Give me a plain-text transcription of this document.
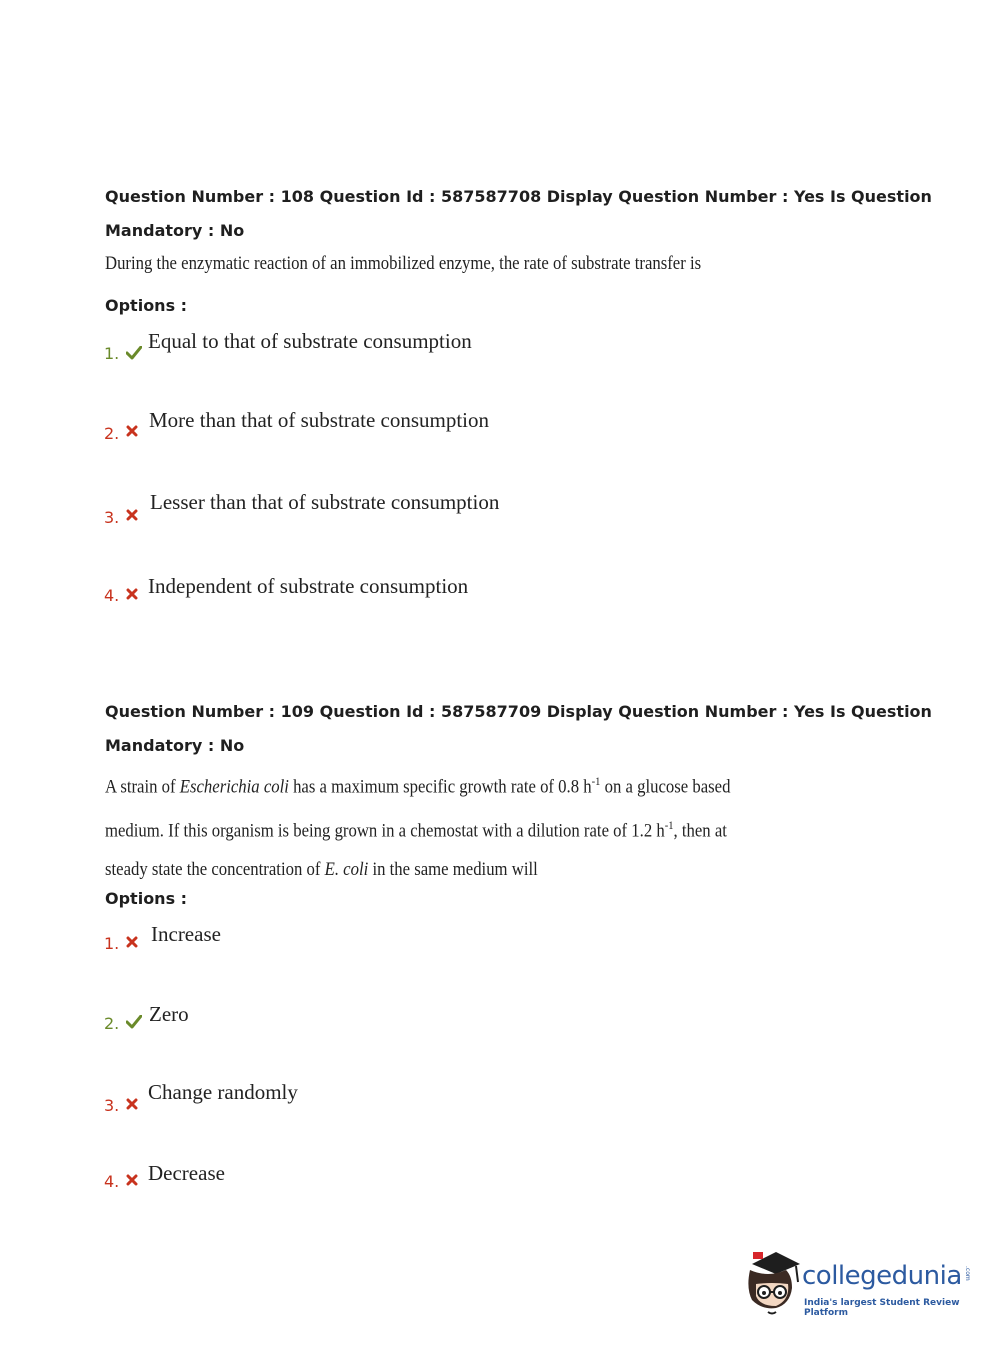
Question Number : 108 Question Id : 587587708 Display Question Number : Yes Is Question
Mandatory : No
During the enzymatic reaction of an immobilized enzyme, the rate of substrate transfer is
Options :
1.
Equal to that of substrate consumption
2.
More than that of substrate consumption
3.
Lesser than that of substrate consumption
4. Independent of substrate consumption
Question Number : 109 Question Id : 587587709 Display Question Number : Yes Is Question
Mandatory : No
A strain of Escherichia coli has a maximum specific growth rate of 0.8 $h^{-1}$ on a glucose based
medium. If this organism is being grown in a chemostat with a dilution rate of 1.2 $h^{-1}$, then at
steady state the concentration of E. coli in the same medium will
Options :
1. Increase
2. Zero
3.
Change randomly
4. Decrease
collegedunia .com
India's largest Student Review Platform
